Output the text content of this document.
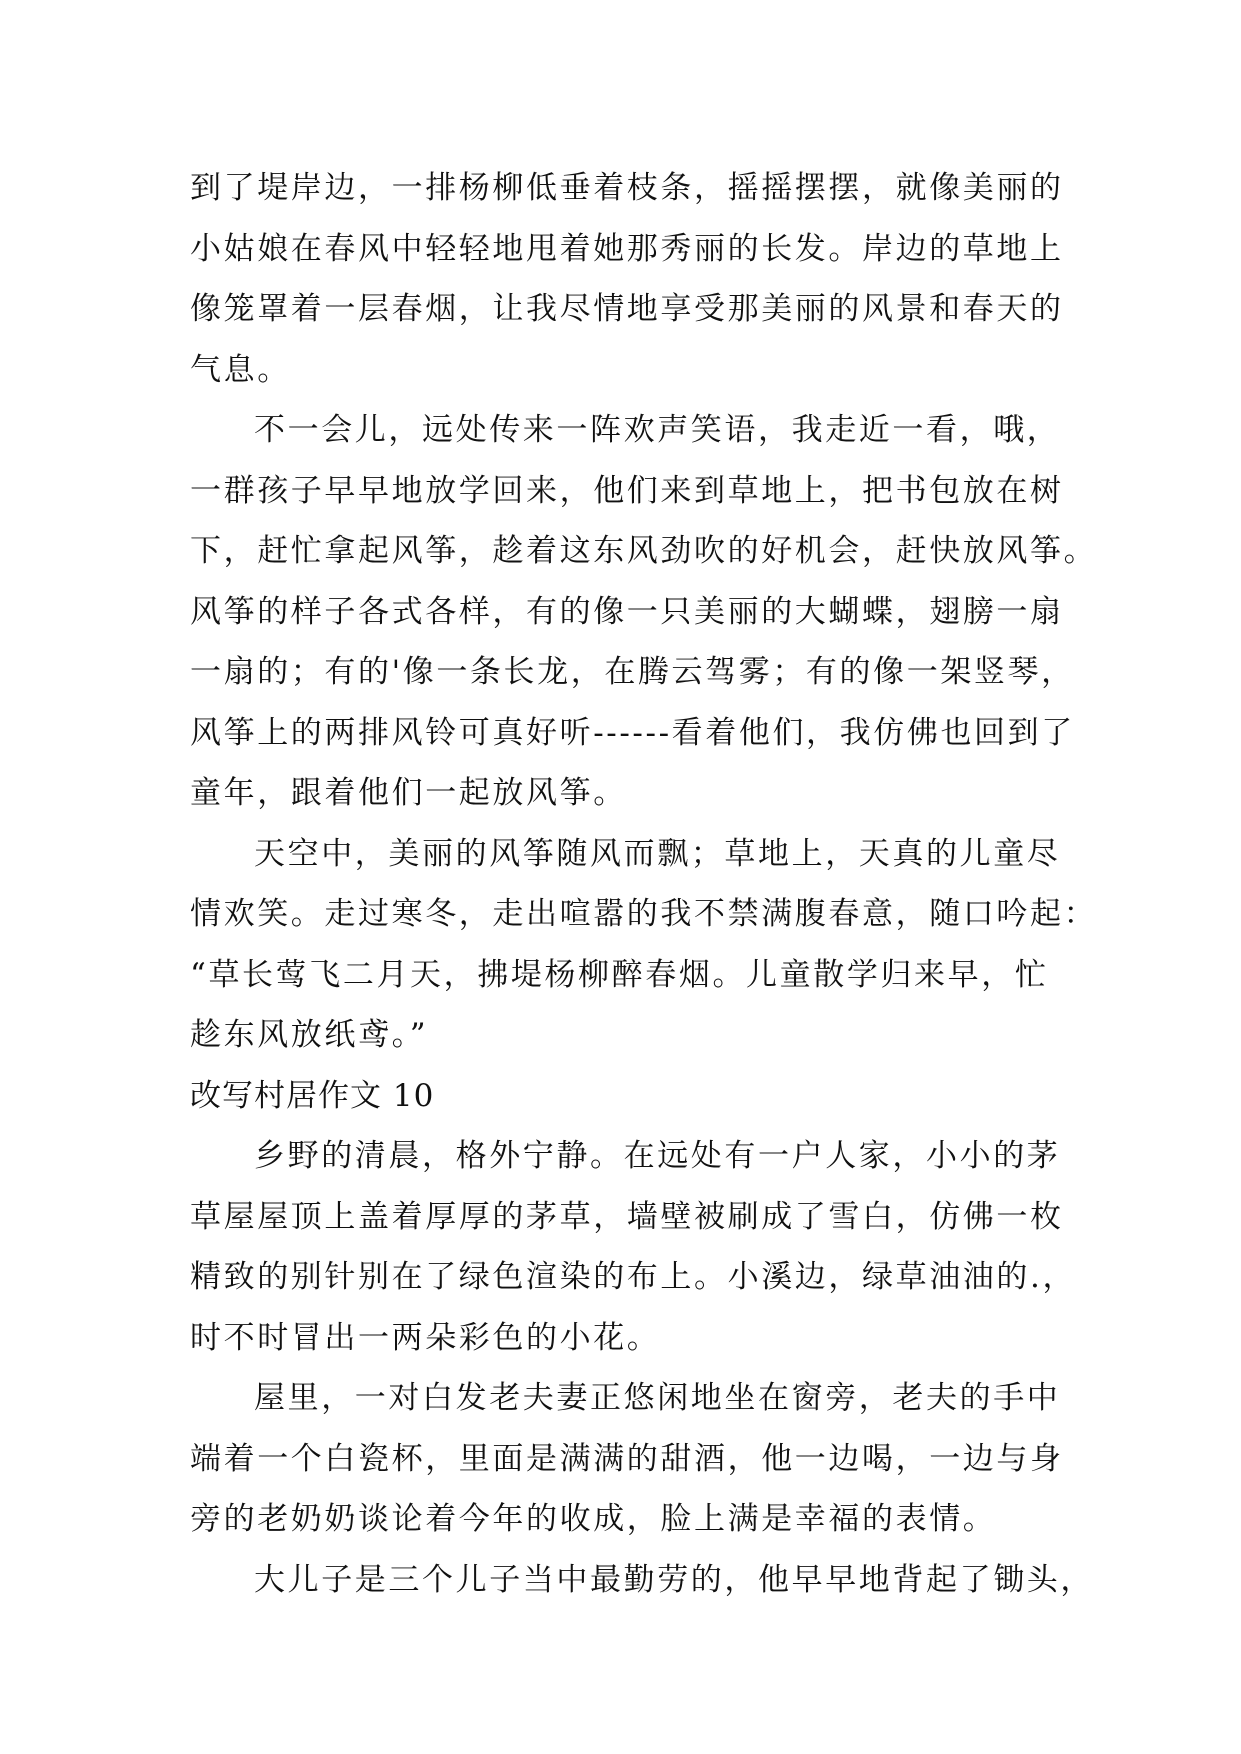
到了堤岸边，一排杨柳低垂着枝条，摇摇摆摆，就像美丽的
小姑娘在春风中轻轻地甩着她那秀丽的长发。岸边的草地上
像笼罩着一层春烟，让我尽情地享受那美丽的风景和春天的
气息。
不一会儿，远处传来一阵欢声笑语，我走近一看，哦，
一群孩子早早地放学回来，他们来到草地上，把书包放在树
下，赶忙拿起风筝，趁着这东风劲吹的好机会，赶快放风筝。
风筝的样子各式各样，有的像一只美丽的大蝴蝶，翅膀一扇
一扇的；有的'像一条长龙，在腾云驾雾；有的像一架竖琴，
风筝上的两排风铃可真好听------看着他们，我仿佛也回到了
童年，跟着他们一起放风筝。
天空中，美丽的风筝随风而飘；草地上，天真的儿童尽
情欢笑。走过寒冬，走出喧嚣的我不禁满腹春意，随口吟起：
“草长莺飞二月天，拂堤杨柳醉春烟。儿童散学归来早，忙
趁东风放纸鸢。”
改写村居作文 10
乡野的清晨，格外宁静。在远处有一户人家，小小的茅
草屋屋顶上盖着厚厚的茅草，墙壁被刷成了雪白，仿佛一枚
精致的别针别在了绿色渲染的布上。小溪边，绿草油油的.，
时不时冒出一两朵彩色的小花。
屋里，一对白发老夫妻正悠闲地坐在窗旁，老夫的手中
端着一个白瓷杯，里面是满满的甜酒，他一边喝，一边与身
旁的老奶奶谈论着今年的收成，脸上满是幸福的表情。
大儿子是三个儿子当中最勤劳的，他早早地背起了锄头，
